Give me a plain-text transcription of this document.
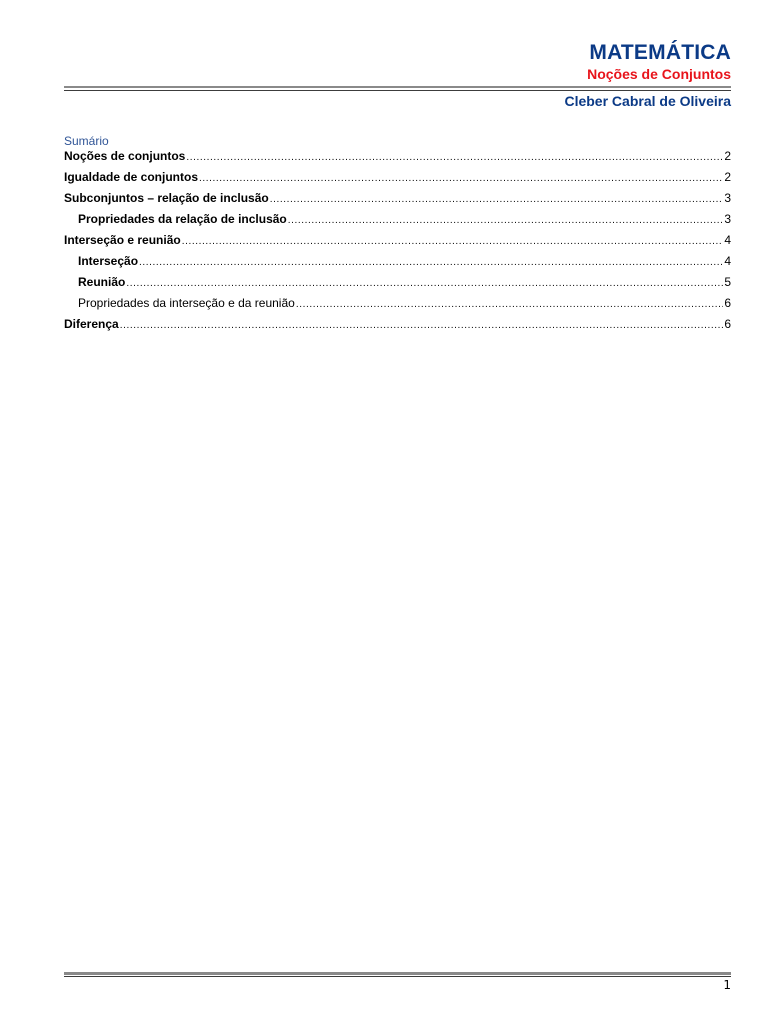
MATEMÁTICA
Noções de Conjuntos
Cleber Cabral de Oliveira
Sumário
Noções de conjuntos .....	2
Igualdade de conjuntos .....	2
Subconjuntos – relação de inclusão .....	3
Propriedades da relação de inclusão .....	3
Interseção e reunião .....	4
Interseção .....	4
Reunião .....	5
Propriedades da interseção e da reunião .....	6
Diferença .....	6
1
